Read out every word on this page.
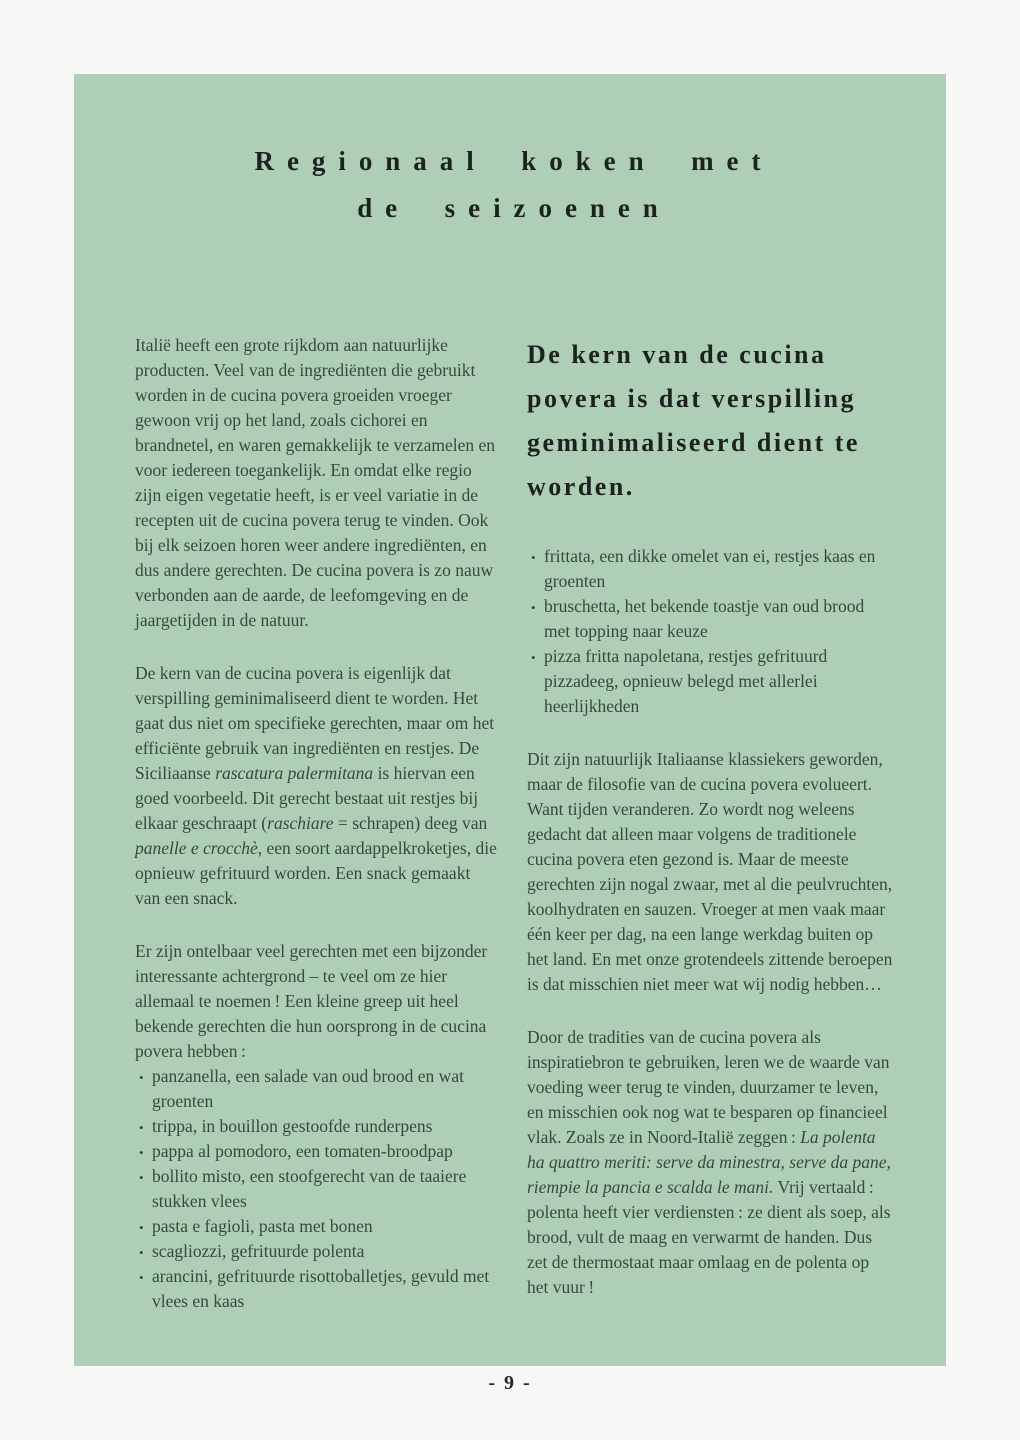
Regionaal koken met
de seizoenen

Italië heeft een grote rijkdom aan natuurlijke producten. Veel van de ingrediënten die gebruikt worden in de cucina povera groeiden vroeger gewoon vrij op het land, zoals cichorei en brandnetel, en waren gemakkelijk te verzamelen en voor iedereen toegankelijk. En omdat elke regio zijn eigen vegetatie heeft, is er veel variatie in de recepten uit de cucina povera terug te vinden. Ook bij elk seizoen horen weer andere ingrediënten, en dus andere gerechten. De cucina povera is zo nauw verbonden aan de aarde, de leefomgeving en de jaargetijden in de natuur.

De kern van de cucina povera is eigenlijk dat verspilling geminimaliseerd dient te worden. Het gaat dus niet om specifieke gerechten, maar om het efficiënte gebruik van ingrediënten en restjes. De Siciliaanse rascatura palermitana is hiervan een goed voorbeeld. Dit gerecht bestaat uit restjes bij elkaar geschraapt (raschiare = schrapen) deeg van panelle e crocchè, een soort aardappelkroketjes, die opnieuw gefrituurd worden. Een snack gemaakt van een snack.

Er zijn ontelbaar veel gerechten met een bijzonder interessante achtergrond – te veel om ze hier allemaal te noemen ! Een kleine greep uit heel bekende gerechten die hun oorsprong in de cucina povera hebben :

• panzanella, een salade van oud brood en wat groenten
• trippa, in bouillon gestoofde runderpens
• pappa al pomodoro, een tomaten-broodpap
• bollito misto, een stoofgerecht van de taaiere stukken vlees
• pasta e fagioli, pasta met bonen
• scagliozzi, gefrituurde polenta
• arancini, gefrituurde risottoballetjes, gevuld met vlees en kaas
De kern van de cucina povera is dat verspilling geminimaliseerd dient te worden.
• frittata, een dikke omelet van ei, restjes kaas en groenten
• bruschetta, het bekende toastje van oud brood met topping naar keuze
• pizza fritta napoletana, restjes gefrituurd pizzadeeg, opnieuw belegd met allerlei heerlijkheden

Dit zijn natuurlijk Italiaanse klassiekers geworden, maar de filosofie van de cucina povera evolueert. Want tijden veranderen. Zo wordt nog weleens gedacht dat alleen maar volgens de traditionele cucina povera eten gezond is. Maar de meeste gerechten zijn nogal zwaar, met al die peulvruchten, koolhydraten en sauzen. Vroeger at men vaak maar één keer per dag, na een lange werkdag buiten op het land. En met onze grotendeels zittende beroepen is dat misschien niet meer wat wij nodig hebben…

Door de tradities van de cucina povera als inspiratiebron te gebruiken, leren we de waarde van voeding weer terug te vinden, duurzamer te leven, en misschien ook nog wat te besparen op financieel vlak. Zoals ze in Noord-Italië zeggen : La polenta ha quattro meriti: serve da minestra, serve da pane, riempie la pancia e scalda le mani. Vrij vertaald : polenta heeft vier verdiensten : ze dient als soep, als brood, vult de maag en verwarmt de handen. Dus zet de thermostaat maar omlaag en de polenta op het vuur !

- 9 -
